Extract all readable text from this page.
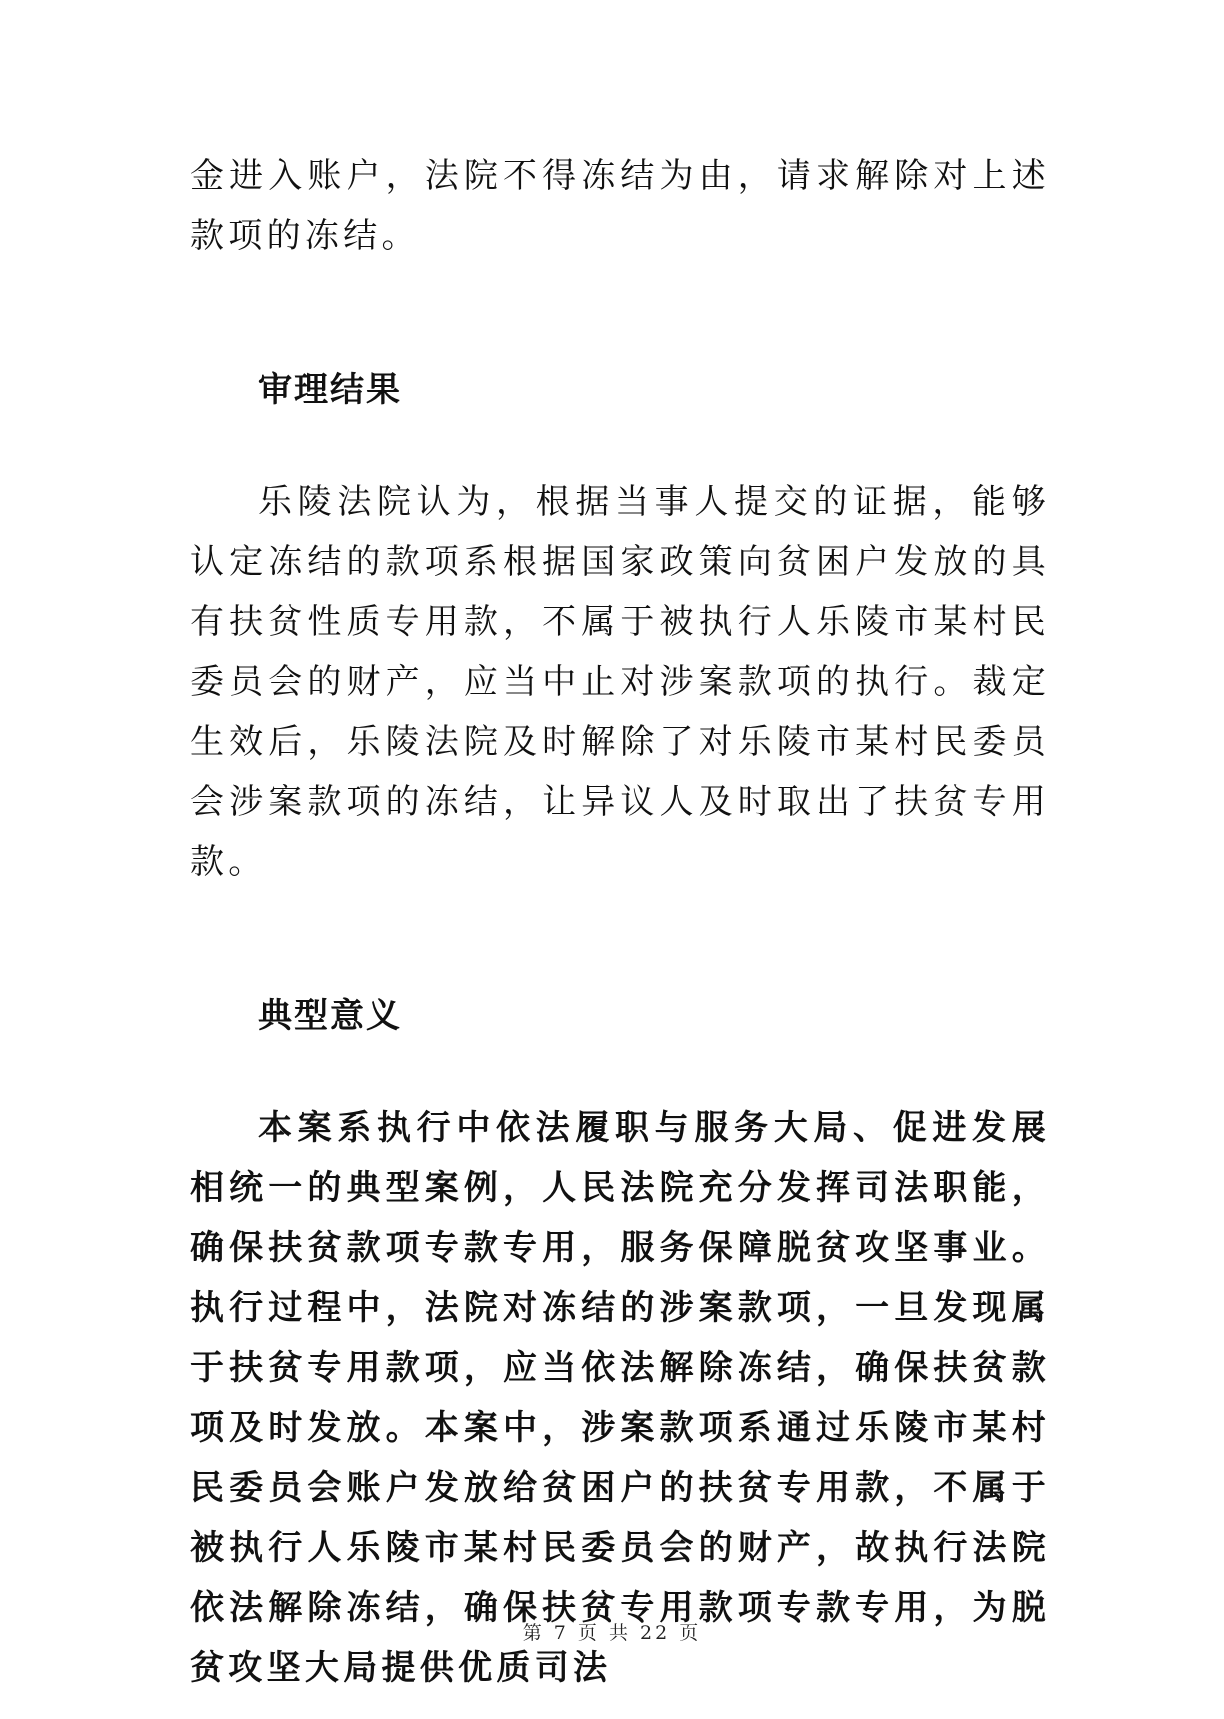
金进入账户，法院不得冻结为由，请求解除对上述款项的冻结。

审理结果

乐陵法院认为，根据当事人提交的证据，能够认定冻结的款项系根据国家政策向贫困户发放的具有扶贫性质专用款，不属于被执行人乐陵市某村民委员会的财产，应当中止对涉案款项的执行。裁定生效后，乐陵法院及时解除了对乐陵市某村民委员会涉案款项的冻结，让异议人及时取出了扶贫专用款。

典型意义

本案系执行中依法履职与服务大局、促进发展相统一的典型案例，人民法院充分发挥司法职能，确保扶贫款项专款专用，服务保障脱贫攻坚事业。执行过程中，法院对冻结的涉案款项，一旦发现属于扶贫专用款项，应当依法解除冻结，确保扶贫款项及时发放。本案中，涉案款项系通过乐陵市某村民委员会账户发放给贫困户的扶贫专用款，不属于被执行人乐陵市某村民委员会的财产，故执行法院依法解除冻结，确保扶贫专用款项专款专用，为脱贫攻坚大局提供优质司法

第 7 页 共 22 页
